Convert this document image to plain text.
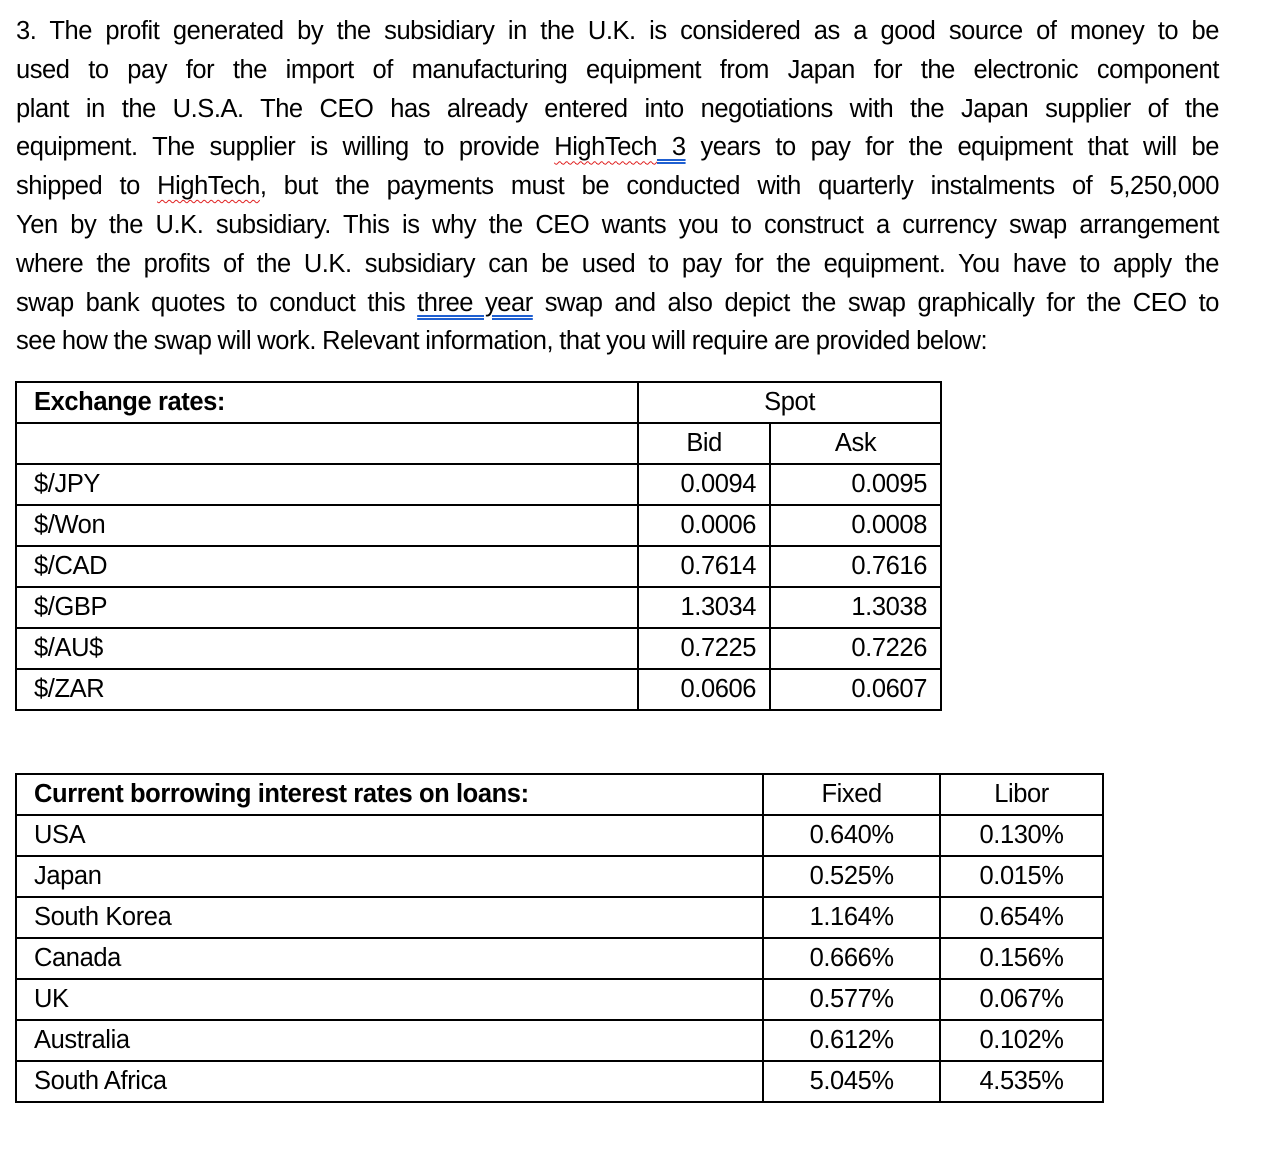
3. The profit generated by the subsidiary in the U.K. is considered as a good source of money to be
used to pay for the import of manufacturing equipment from Japan for the electronic component
plant in the U.S.A. The CEO has already entered into negotiations with the Japan supplier of the
equipment. The supplier is willing to provide HighTech 3 years to pay for the equipment that will be
shipped to HighTech, but the payments must be conducted with quarterly instalments of 5,250,000
Yen by the U.K. subsidiary. This is why the CEO wants you to construct a currency swap arrangement
where the profits of the U.K. subsidiary can be used to pay for the equipment. You have to apply the
swap bank quotes to conduct this three year swap and also depict the swap graphically for the CEO to
see how the swap will work. Relevant information, that you will require are provided below:
Exchange rates:	Spot	
	Bid	Ask
$/JPY	0.0094	0.0095
$/Won	0.0006	0.0008
$/CAD	0.7614	0.7616
$/GBP	1.3034	1.3038
$/AU$	0.7225	0.7226
$/ZAR	0.0606	0.0607
Current borrowing interest rates on loans:	Fixed	Libor
USA	0.640%	0.130%
Japan	0.525%	0.015%
South Korea	1.164%	0.654%
Canada	0.666%	0.156%
UK	0.577%	0.067%
Australia	0.612%	0.102%
South Africa	5.045%	4.535%
